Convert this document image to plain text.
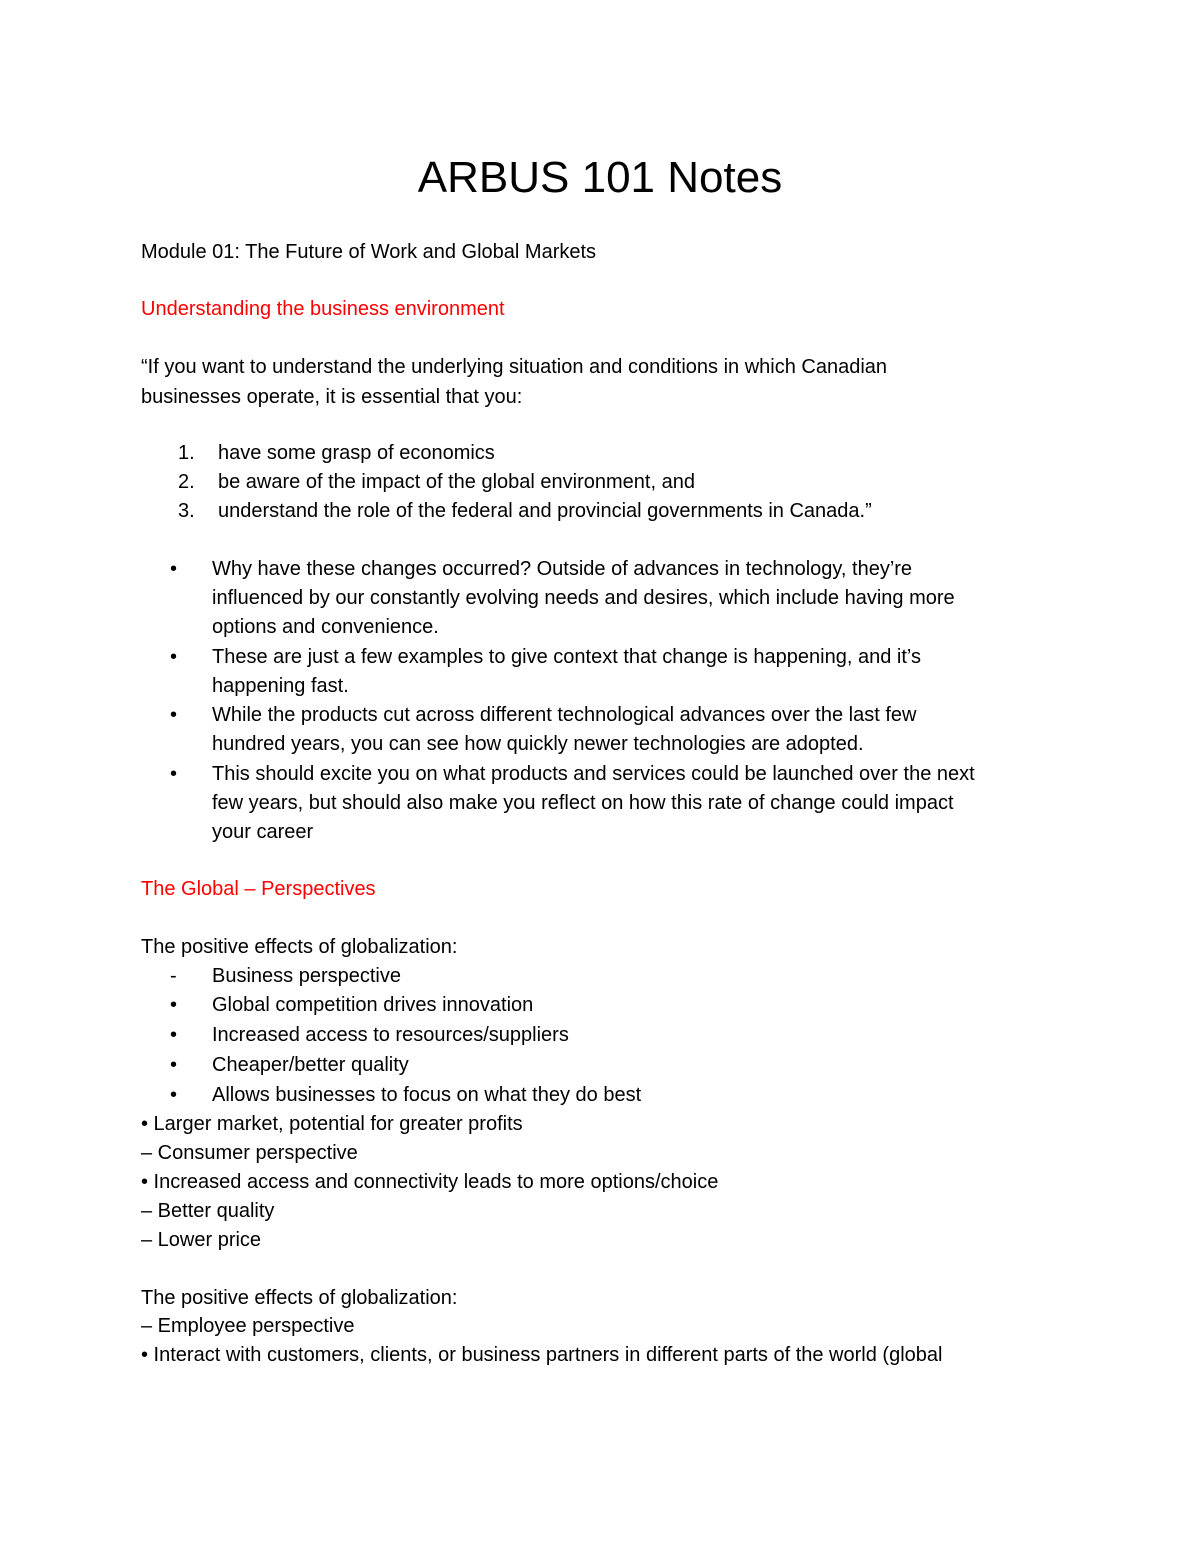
ARBUS 101 Notes
Module 01: The Future of Work and Global Markets
Understanding the business environment
“If you want to understand the underlying situation and conditions in which Canadian
businesses operate, it is essential that you:
1. have some grasp of economics
2. be aware of the impact of the global environment, and
3. understand the role of the federal and provincial governments in Canada.”
• Why have these changes occurred? Outside of advances in technology, they’re
influenced by our constantly evolving needs and desires, which include having more
options and convenience.
• These are just a few examples to give context that change is happening, and it’s
happening fast.
• While the products cut across different technological advances over the last few
hundred years, you can see how quickly newer technologies are adopted.
• This should excite you on what products and services could be launched over the next
few years, but should also make you reflect on how this rate of change could impact
your career
The Global – Perspectives
The positive effects of globalization:
- Business perspective
• Global competition drives innovation
• Increased access to resources/suppliers
• Cheaper/better quality
• Allows businesses to focus on what they do best
• Larger market, potential for greater profits
– Consumer perspective
• Increased access and connectivity leads to more options/choice
– Better quality
– Lower price
The positive effects of globalization:
– Employee perspective
• Interact with customers, clients, or business partners in different parts of the world (global
